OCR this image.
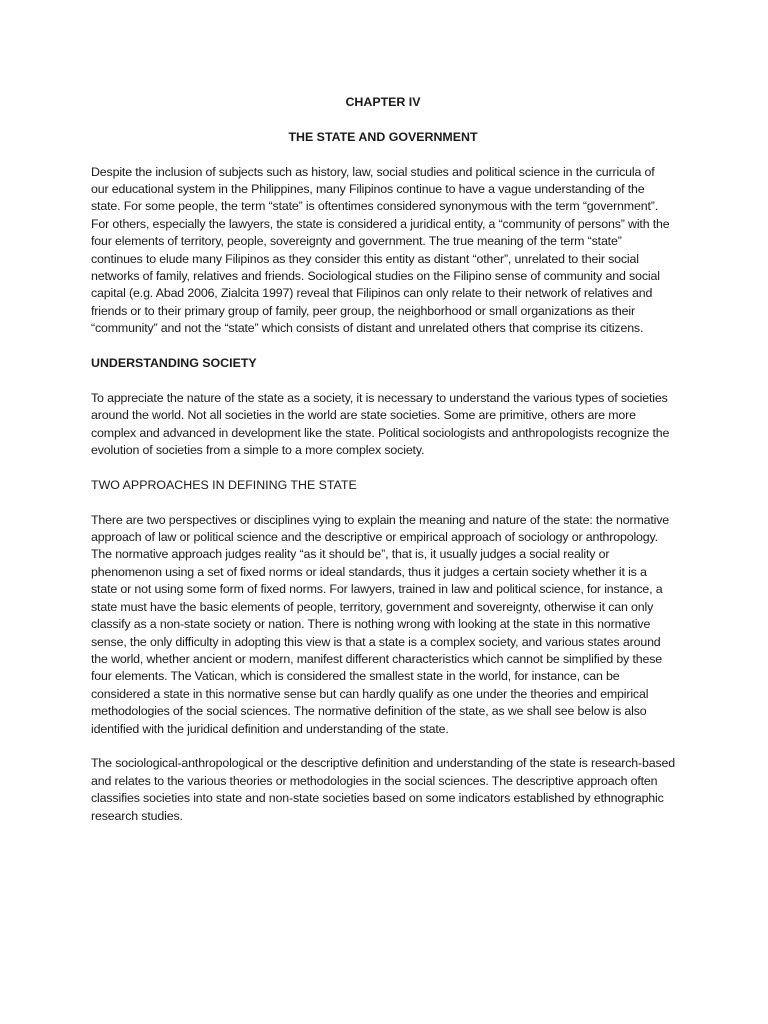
CHAPTER IV
THE STATE AND GOVERNMENT
Despite the inclusion of subjects such as history, law, social studies and political science in the curricula of our educational system in the Philippines, many Filipinos continue to have a vague understanding of the state. For some people, the term “state” is oftentimes considered synonymous with the term “government”. For others, especially the lawyers, the state is considered a juridical entity, a “community of persons” with the four elements of territory, people, sovereignty and government. The true meaning of the term “state” continues to elude many Filipinos as they consider this entity as distant “other”, unrelated to their social networks of family, relatives and friends. Sociological studies on the Filipino sense of community and social capital (e.g. Abad 2006, Zialcita 1997) reveal that Filipinos can only relate to their network of relatives and friends or to their primary group of family, peer group, the neighborhood or small organizations as their “community” and not the “state” which consists of distant and unrelated others that comprise its citizens.
UNDERSTANDING SOCIETY
To appreciate the nature of the state as a society, it is necessary to understand the various types of societies around the world. Not all societies in the world are state societies. Some are primitive, others are more complex and advanced in development like the state. Political sociologists and anthropologists recognize the evolution of societies from a simple to a more complex society.
TWO APPROACHES IN DEFINING THE STATE
There are two perspectives or disciplines vying to explain the meaning and nature of the state: the normative approach of law or political science and the descriptive or empirical approach of sociology or anthropology. The normative approach judges reality “as it should be”, that is, it usually judges a social reality or phenomenon using a set of fixed norms or ideal standards, thus it judges a certain society whether it is a state or not using some form of fixed norms. For lawyers, trained in law and political science, for instance, a state must have the basic elements of people, territory, government and sovereignty, otherwise it can only classify as a non-state society or nation. There is nothing wrong with looking at the state in this normative sense, the only difficulty in adopting this view is that a state is a complex society, and various states around the world, whether ancient or modern, manifest different characteristics which cannot be simplified by these four elements. The Vatican, which is considered the smallest state in the world, for instance, can be considered a state in this normative sense but can hardly qualify as one under the theories and empirical methodologies of the social sciences. The normative definition of the state, as we shall see below is also identified with the juridical definition and understanding of the state.
The sociological-anthropological or the descriptive definition and understanding of the state is research-based and relates to the various theories or methodologies in the social sciences. The descriptive approach often classifies societies into state and non-state societies based on some indicators established by ethnographic research studies.
